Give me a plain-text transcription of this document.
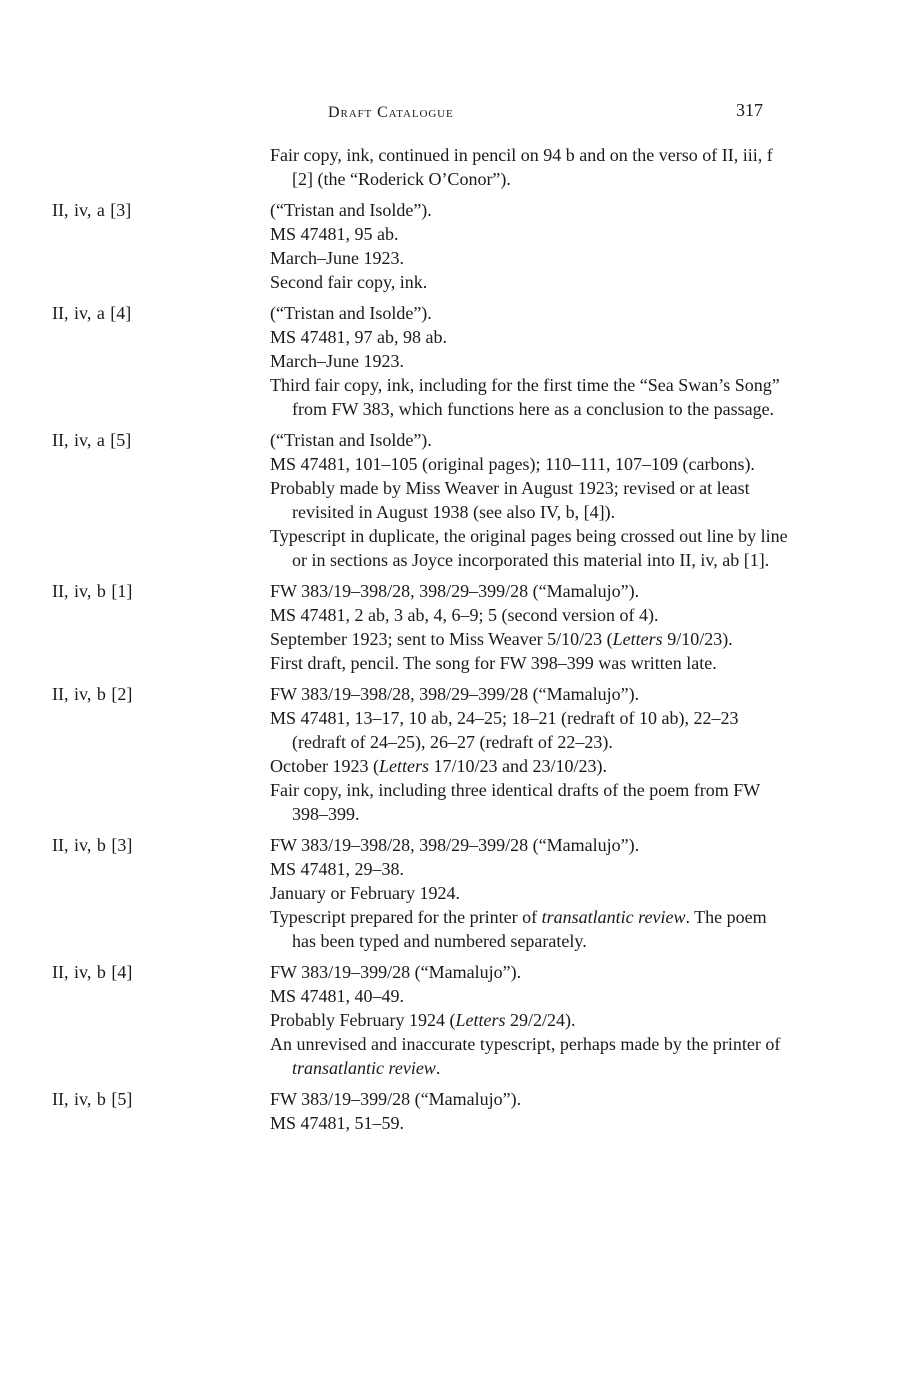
Draft Catalogue	317

Fair copy, ink, continued in pencil on 94 b and on the verso of II, iii, f [2] (the “Roderick O’Conor”).

II, iv, a [3]	(“Tristan and Isolde”).

MS 47481, 95 ab.

March–June 1923.

Second fair copy, ink.

II, iv, a [4]	(“Tristan and Isolde”).

MS 47481, 97 ab, 98 ab.

March–June 1923.

Third fair copy, ink, including for the first time the “Sea Swan’s Song” from FW 383, which functions here as a conclusion to the passage.

II, iv, a [5]	(“Tristan and Isolde”).

MS 47481, 101–105 (original pages); 110–111, 107–109 (carbons).

Probably made by Miss Weaver in August 1923; revised or at least revisited in August 1938 (see also IV, b, [4]).

Typescript in duplicate, the original pages being crossed out line by line or in sections as Joyce incorporated this material into II, iv, ab [1].

II, iv, b [1]	FW 383/19–398/28, 398/29–399/28 (“Mamalujo”).

MS 47481, 2 ab, 3 ab, 4, 6–9; 5 (second version of 4).

September 1923; sent to Miss Weaver 5/10/23 (Letters 9/10/23).

First draft, pencil. The song for FW 398–399 was written late.

II, iv, b [2]	FW 383/19–398/28, 398/29–399/28 (“Mamalujo”).

MS 47481, 13–17, 10 ab, 24–25; 18–21 (redraft of 10 ab), 22–23 (redraft of 24–25), 26–27 (redraft of 22–23).

October 1923 (Letters 17/10/23 and 23/10/23).

Fair copy, ink, including three identical drafts of the poem from FW 398–399.

II, iv, b [3]	FW 383/19–398/28, 398/29–399/28 (“Mamalujo”).

MS 47481, 29–38.

January or February 1924.

Typescript prepared for the printer of transatlantic review. The poem has been typed and numbered separately.

II, iv, b [4]	FW 383/19–399/28 (“Mamalujo”).

MS 47481, 40–49.

Probably February 1924 (Letters 29/2/24).

An unrevised and inaccurate typescript, perhaps made by the printer of transatlantic review.

II, iv, b [5]	FW 383/19–399/28 (“Mamalujo”).

MS 47481, 51–59.
